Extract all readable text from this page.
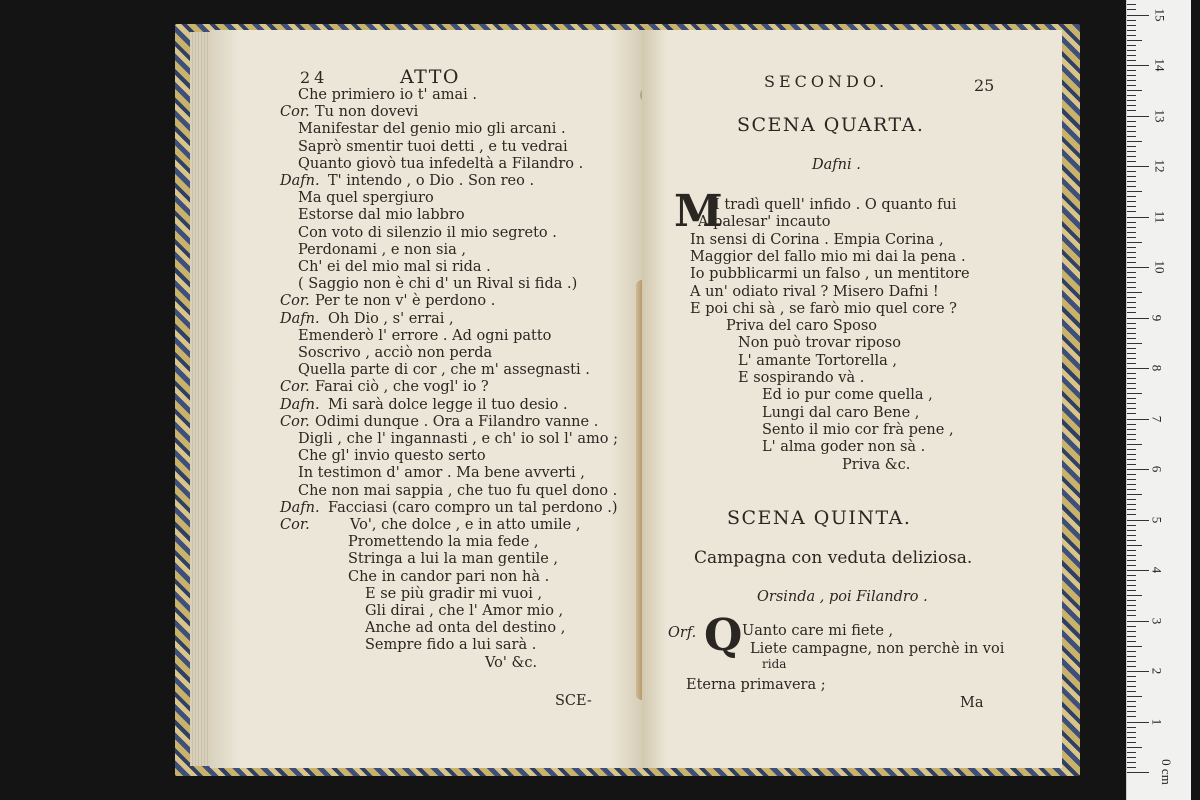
24	ATTO
Che primiero io t' amai .
Cor. Tu non dovevi
Manifestar del genio mio gli arcani .
Saprò smentir tuoi detti , e tu vedrai
Quanto giovò tua infedeltà a Filandro .
Dafn. T' intendo , o Dio . Son reo .
Ma quel spergiuro
Estorse dal mio labbro
Con voto di silenzio il mio segreto .
Perdonami , e non sia ,
Ch' ei del mio mal si rida .
( Saggio non è chi d' un Rival si fida .)
Cor. Per te non v' è perdono .
Dafn. Oh Dio , s' errai ,
Emenderò l' errore . Ad ogni patto
Soscrivo , acciò non perda
Quella parte di cor , che m' assegnasti .
Cor. Farai ciò , che vogl' io ?
Dafn. Mi sarà dolce legge il tuo desio .
Cor. Odimi dunque . Ora a Filandro vanne .
Digli , che l' ingannasti , e ch' io sol l' amo ;
Che gl' invio questo serto
In testimon d' amor . Ma bene avverti ,
Che non mai sappia , che tuo fu quel dono .
Dafn. Facciasi (caro compro un tal perdono .)
Cor.	Vo', che dolce , e in atto umile ,
Promettendo la mia fede ,
Stringa a lui la man gentile ,
Che in candor pari non hà .
E se più gradir mi vuoi ,
Gli dirai , che l' Amor mio ,
Anche ad onta del destino ,
Sempre fido a lui sarà .
Vo' &c.
SCE-
SECONDO.	25
SCENA QUARTA.
Dafni .
M
I tradì quell' infido . O quanto fui
A palesar' incauto
In sensi di Corina . Empia Corina ,
Maggior del fallo mio mi dai la pena .
Io pubblicarmi un falso , un mentitore
A un' odiato rival ? Misero Dafni !
E poi chi sà , se farò mio quel core ?
Priva del caro Sposo
Non può trovar riposo
L' amante Tortorella ,
E sospirando và .
Ed io pur come quella ,
Lungi dal caro Bene ,
Sento il mio cor frà pene ,
L' alma goder non sà .
Priva &c.
SCENA QUINTA.
Campagna con veduta deliziosa.
Orsinda , poi Filandro .
Orf. Q Uanto care mi fiete ,
Liete campagne, non perchè in voi
rida
Eterna primavera ;
Ma
0 cm
1
2
3
4
5
6
7
8
9
10
11
12
13
14
15
